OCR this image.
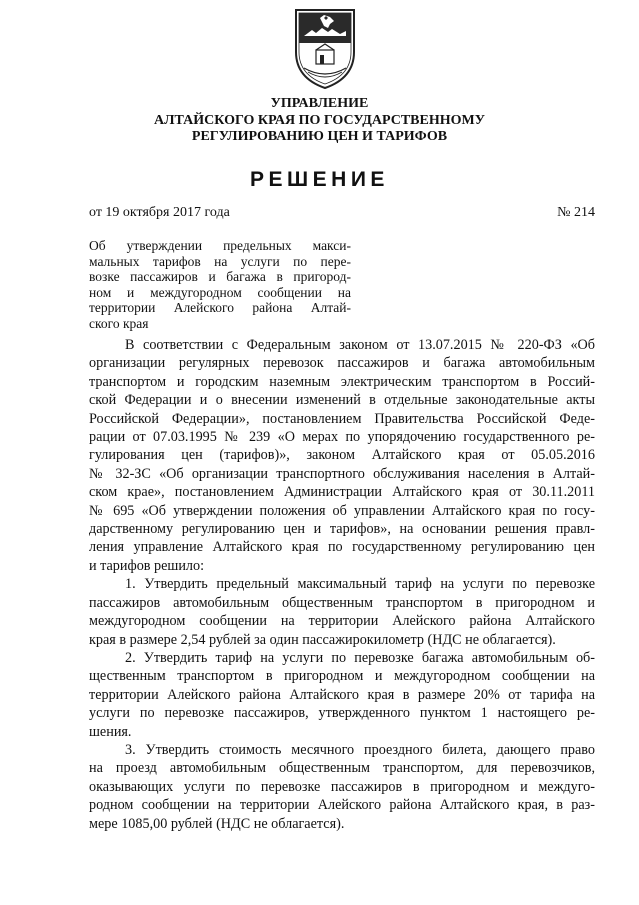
УПРАВЛЕНИЕ
АЛТАЙСКОГО КРАЯ ПО ГОСУДАРСТВЕННОМУ
РЕГУЛИРОВАНИЮ ЦЕН И ТАРИФОВ
РЕШЕНИЕ
от 19 октября 2017 года	№ 214
Об утверждении предельных макси-
мальных тарифов на услуги по пере-
возке пассажиров и багажа в пригород-
ном и междугородном сообщении на
территории Алейского района Алтай-
ского края
В соответствии с Федеральным законом от 13.07.2015 № 220-ФЗ «Об
организации регулярных перевозок пассажиров и багажа автомобильным
транспортом и городским наземным электрическим транспортом в Россий-
ской Федерации и о внесении изменений в отдельные законодательные акты
Российской Федерации», постановлением Правительства Российской Феде-
рации от 07.03.1995 № 239 «О мерах по упорядочению государственного ре-
гулирования цен (тарифов)», законом Алтайского края от 05.05.2016
№ 32-ЗС «Об организации транспортного обслуживания населения в Алтай-
ском крае», постановлением Администрации Алтайского края от 30.11.2011
№ 695 «Об утверждении положения об управлении Алтайского края по госу-
дарственному регулированию цен и тарифов», на основании решения правл-
ления управление Алтайского края по государственному регулированию цен
и тарифов решило:
1. Утвердить предельный максимальный тариф на услуги по перевозке
пассажиров автомобильным общественным транспортом в пригородном и
междугородном сообщении на территории Алейского района Алтайского
края в размере 2,54 рублей за один пассажирокилометр (НДС не облагается).
2. Утвердить тариф на услуги по перевозке багажа автомобильным об-
щественным транспортом в пригородном и междугородном сообщении на
территории Алейского района Алтайского края в размере 20% от тарифа на
услуги по перевозке пассажиров, утвержденного пунктом 1 настоящего ре-
шения.
3. Утвердить стоимость месячного проездного билета, дающего право
на проезд автомобильным общественным транспортом, для перевозчиков,
оказывающих услуги по перевозке пассажиров в пригородном и междуго-
родном сообщении на территории Алейского района Алтайского края, в раз-
мере 1085,00 рублей (НДС не облагается).
